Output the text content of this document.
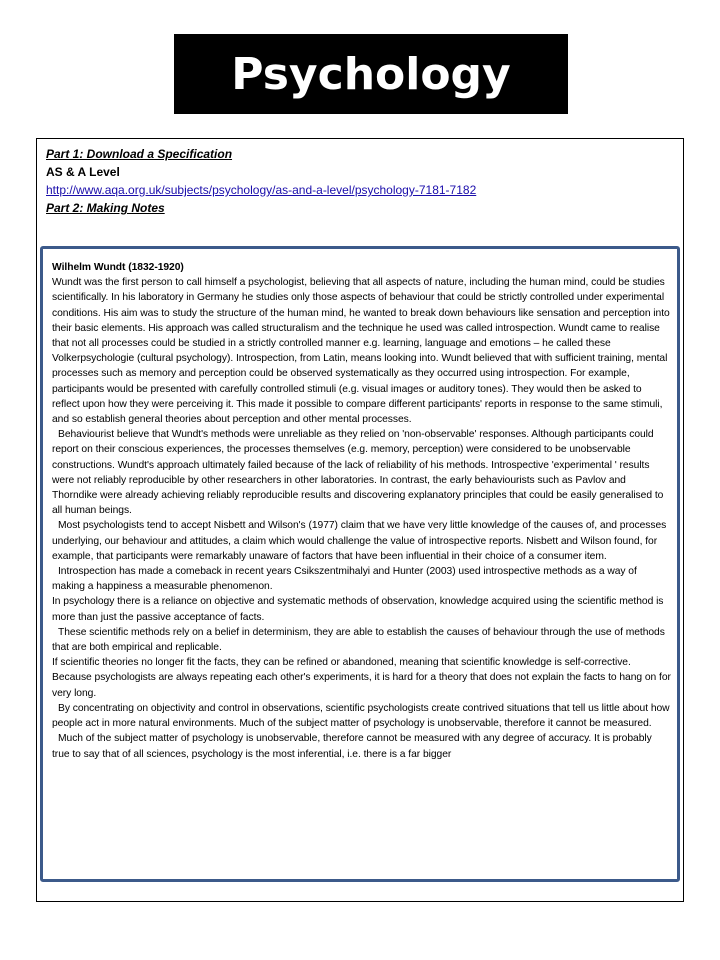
Psychology
Part 1: Download a Specification
AS & A Level
http://www.aqa.org.uk/subjects/psychology/as-and-a-level/psychology-7181-7182
Part 2: Making Notes
Wilhelm Wundt (1832-1920)

Wundt was the first person to call himself a psychologist, believing that all aspects of nature, including the human mind, could be studies scientifically. In his laboratory in Germany he studies only those aspects of behaviour that could be strictly controlled under experimental conditions. His aim was to study the structure of the human mind, he wanted to break down behaviours like sensation and perception into their basic elements. His approach was called structuralism and the technique he used was called introspection. Wundt came to realise that not all processes could be studied in a strictly controlled manner e.g. learning, language and emotions – he called these Volkerpsychologie (cultural psychology). Introspection, from Latin, means looking into. Wundt believed that with sufficient training, mental processes such as memory and perception could be observed systematically as they occurred using introspection. For example, participants would be presented with carefully controlled stimuli (e.g. visual images or auditory tones). They would then be asked to reflect upon how they were perceiving it. This made it possible to compare different participants' reports in response to the same stimuli, and so establish general theories about perception and other mental processes.

Behaviourist believe that Wundt's methods were unreliable as they relied on 'non-observable' responses. Although participants could report on their conscious experiences, the processes themselves (e.g. memory, perception) were considered to be unobservable constructions. Wundt's approach ultimately failed because of the lack of reliability of his methods. Introspective 'experimental ' results were not reliably reproducible by other researchers in other laboratories. In contrast, the early behaviourists such as Pavlov and Thorndike were already achieving reliably reproducible results and discovering explanatory principles that could be easily generalised to all human beings.

Most psychologists tend to accept Nisbett and Wilson's (1977) claim that we have very little knowledge of the causes of, and processes underlying, our behaviour and attitudes, a claim which would challenge the value of introspective reports. Nisbett and Wilson found, for example, that participants were remarkably unaware of factors that have been influential in their choice of a consumer item.

Introspection has made a comeback in recent years Csikszentmihalyi and Hunter (2003) used introspective methods as a way of making a happiness a measurable phenomenon.

In psychology there is a reliance on objective and systematic methods of observation, knowledge acquired using the scientific method is more than just the passive acceptance of facts.

These scientific methods rely on a belief in determinism, they are able to establish the causes of behaviour through the use of methods that are both empirical and replicable.

If scientific theories no longer fit the facts, they can be refined or abandoned, meaning that scientific knowledge is self-corrective. Because psychologists are always repeating each other's experiments, it is hard for a theory that does not explain the facts to hang on for very long.

By concentrating on objectivity and control in observations, scientific psychologists create contrived situations that tell us little about how people act in more natural environments. Much of the subject matter of psychology is unobservable, therefore it cannot be measured.

Much of the subject matter of psychology is unobservable, therefore cannot be measured with any degree of accuracy. It is probably true to say that of all sciences, psychology is the most inferential, i.e. there is a far bigger
